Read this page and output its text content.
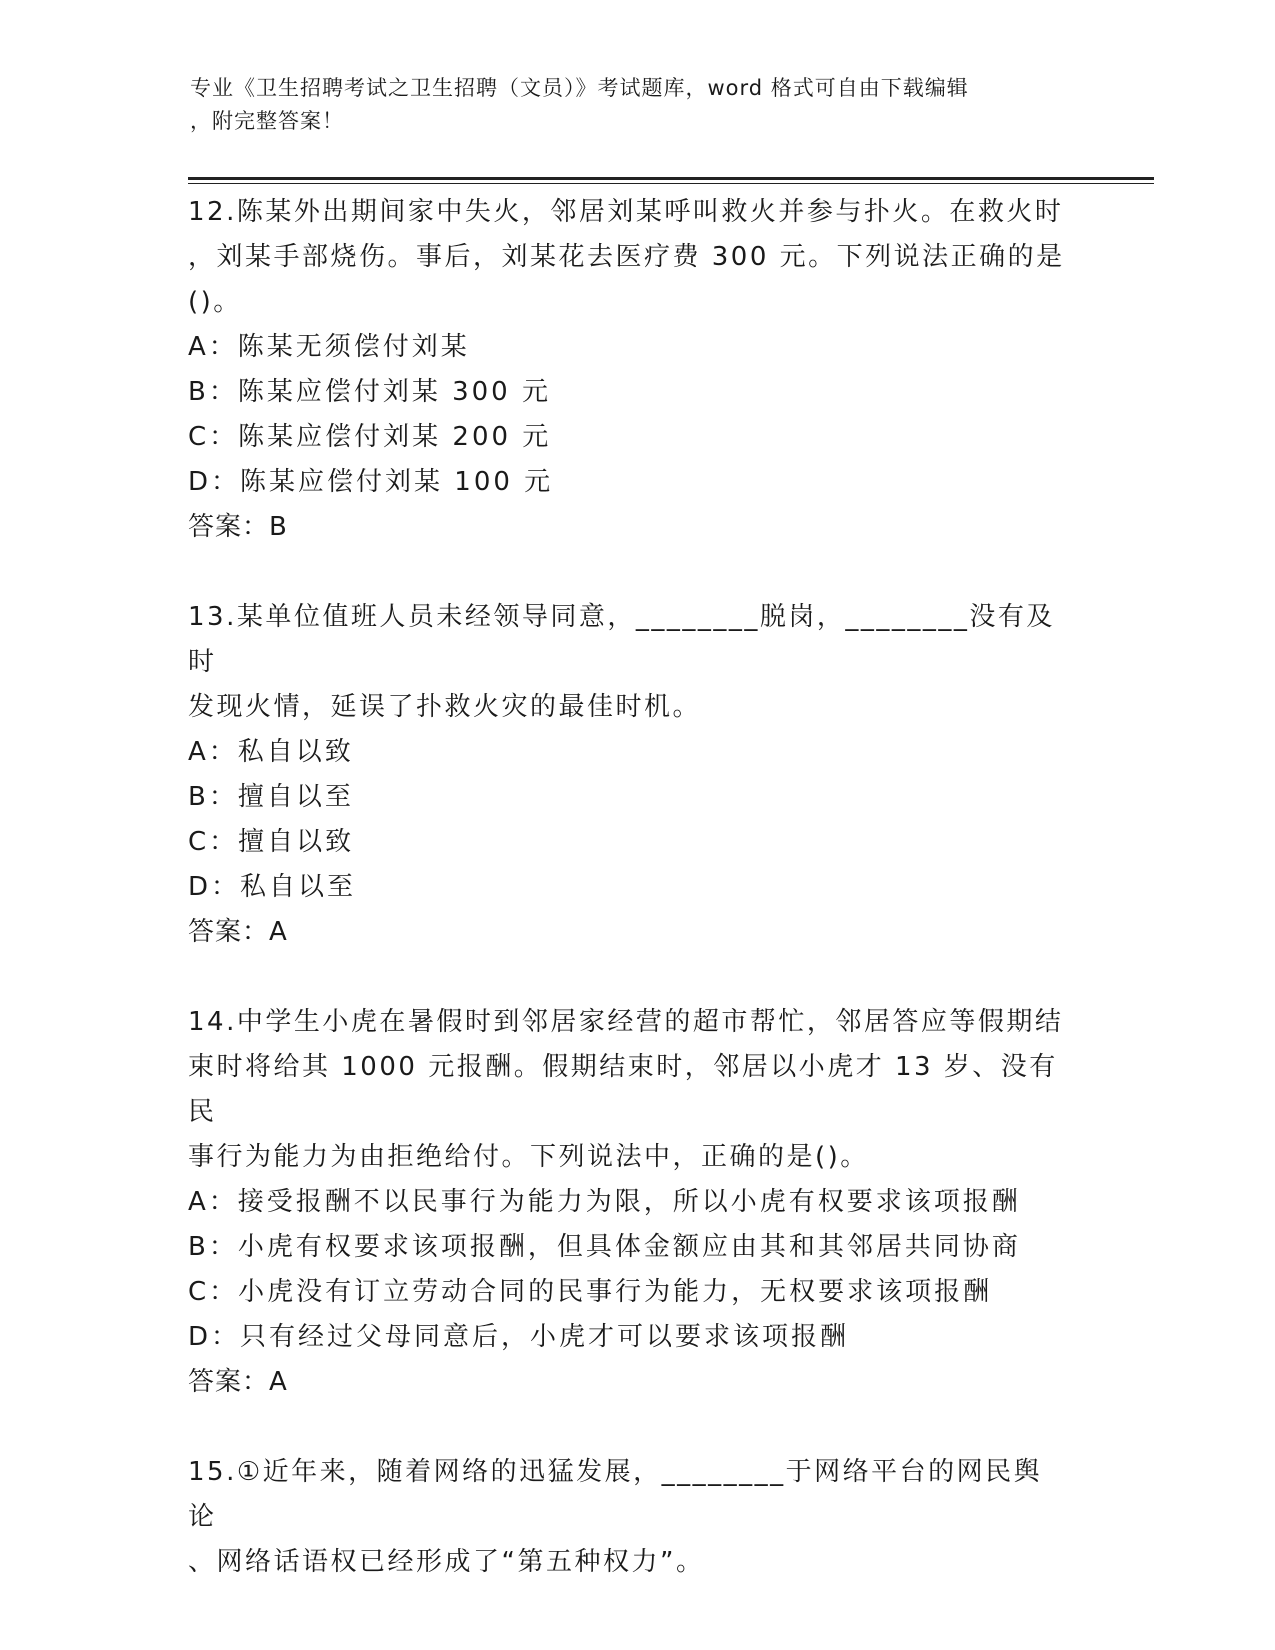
专业《卫生招聘考试之卫生招聘（文员）》考试题库，word 格式可自由下载编辑
，附完整答案！
12.陈某外出期间家中失火，邻居刘某呼叫救火并参与扑火。在救火时
，刘某手部烧伤。事后，刘某花去医疗费 300 元。下列说法正确的是
()。
A：陈某无须偿付刘某
B：陈某应偿付刘某 300 元
C：陈某应偿付刘某 200 元
D：陈某应偿付刘某 100 元
答案：B
13.某单位值班人员未经领导同意，________脱岗，________没有及时
发现火情，延误了扑救火灾的最佳时机。
A：私自以致
B：擅自以至
C：擅自以致
D：私自以至
答案：A
14.中学生小虎在暑假时到邻居家经营的超市帮忙，邻居答应等假期结
束时将给其 1000 元报酬。假期结束时，邻居以小虎才 13 岁、没有民
事行为能力为由拒绝给付。下列说法中，正确的是()。
A：接受报酬不以民事行为能力为限，所以小虎有权要求该项报酬
B：小虎有权要求该项报酬，但具体金额应由其和其邻居共同协商
C：小虎没有订立劳动合同的民事行为能力，无权要求该项报酬
D：只有经过父母同意后，小虎才可以要求该项报酬
答案：A
15.①近年来，随着网络的迅猛发展，________于网络平台的网民舆论
、网络话语权已经形成了“第五种权力”。
